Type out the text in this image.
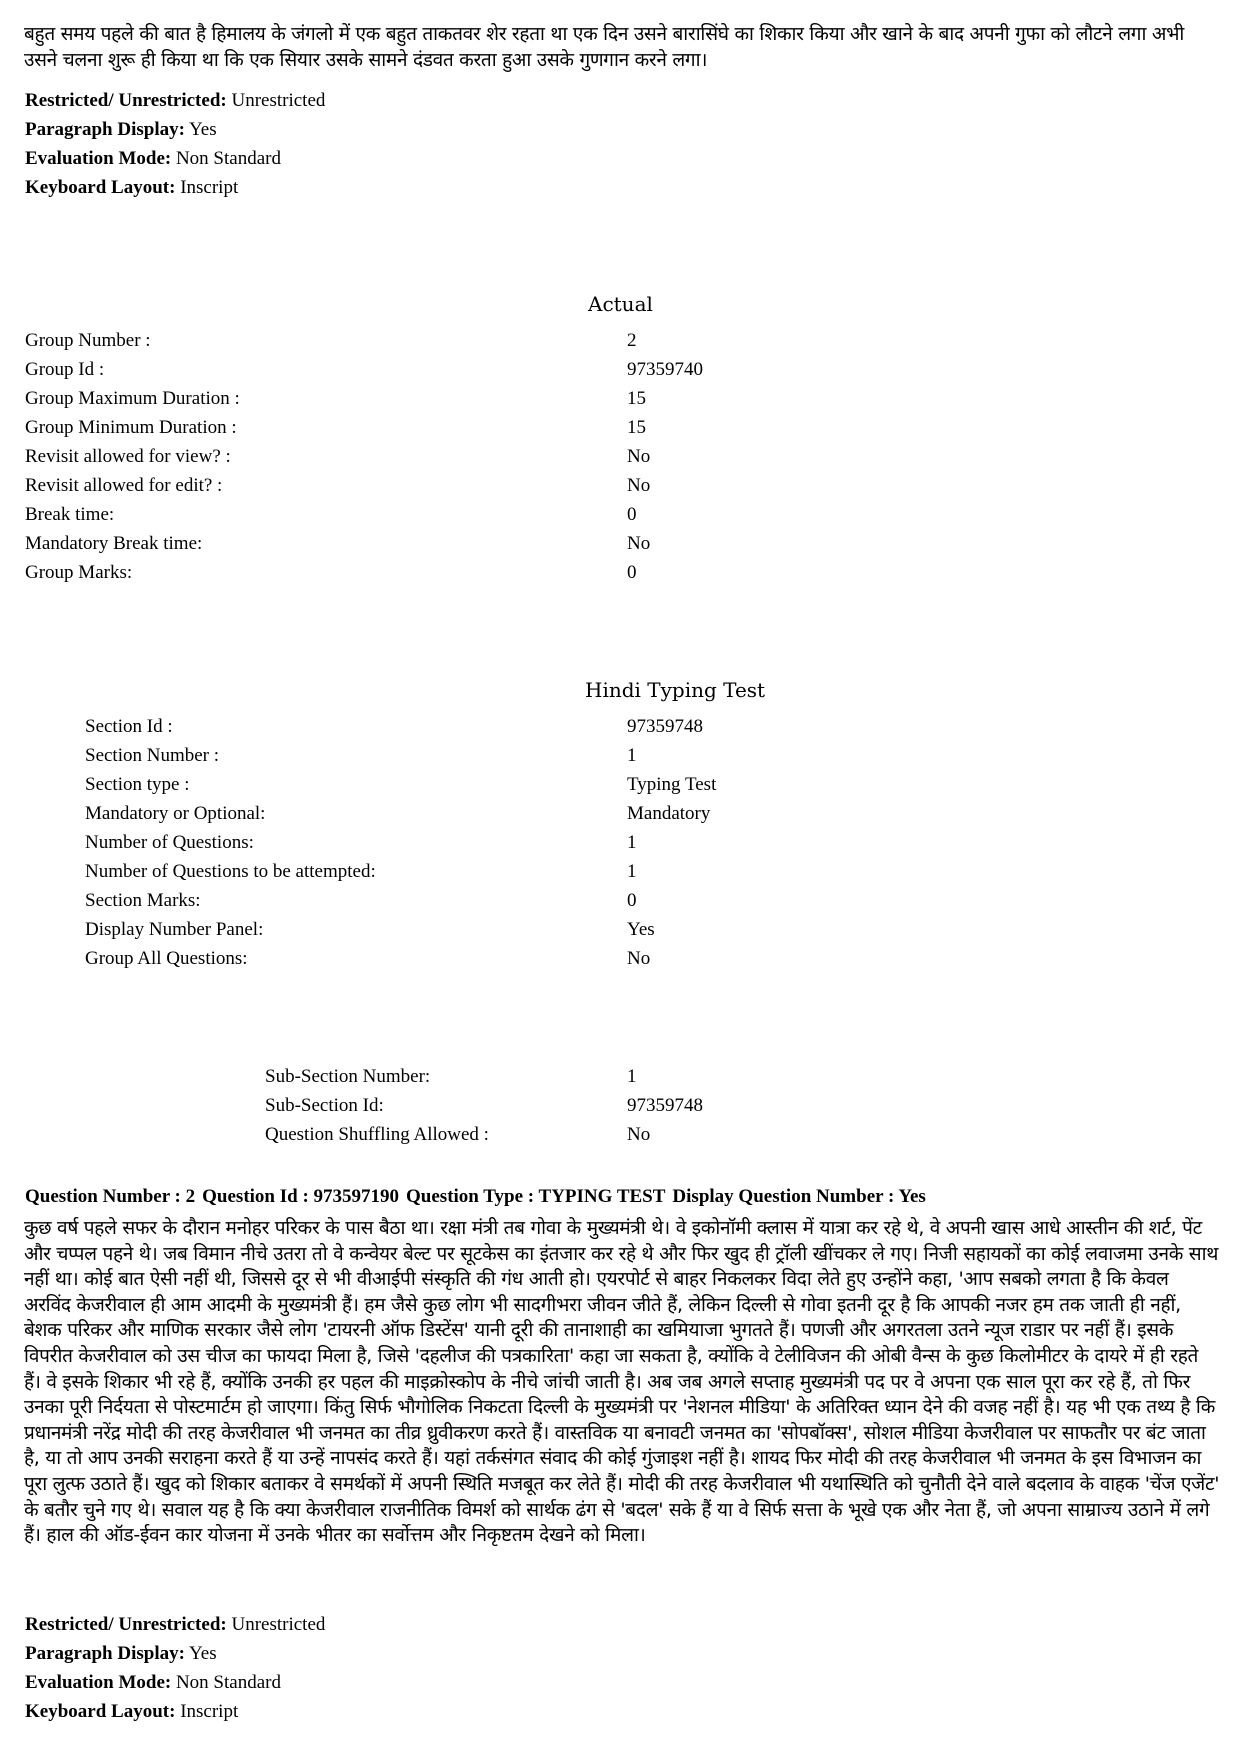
बहुत समय पहले की बात है हिमालय के जंगलो में एक बहुत ताकतवर शेर रहता था एक दिन उसने बारासिंघे का शिकार किया और खाने के बाद अपनी गुफा को लौटने लगा अभी उसने चलना शुरू ही किया था कि एक सियार उसके सामने दंडवत करता हुआ उसके गुणगान करने लगा।
Restricted/ Unrestricted: Unrestricted
Paragraph Display: Yes
Evaluation Mode: Non Standard
Keyboard Layout: Inscript
Actual
Group Number :	2
Group Id :	97359740
Group Maximum Duration :	15
Group Minimum Duration :	15
Revisit allowed for view? :	No
Revisit allowed for edit? :	No
Break time:	0
Mandatory Break time:	No
Group Marks:	0
Hindi Typing Test
Section Id :	97359748
Section Number :	1
Section type :	Typing Test
Mandatory or Optional:	Mandatory
Number of Questions:	1
Number of Questions to be attempted:	1
Section Marks:	0
Display Number Panel:	Yes
Group All Questions:	No
Sub-Section Number:	1
Sub-Section Id:	97359748
Question Shuffling Allowed :	No
Question Number : 2 Question Id : 973597190 Question Type : TYPING TEST Display Question Number : Yes
कुछ वर्ष पहले सफर के दौरान मनोहर परिकर के पास बैठा था। रक्षा मंत्री तब गोवा के मुख्यमंत्री थे। वे इकोनॉमी क्लास में यात्रा कर रहे थे, वे अपनी खास आधे आस्तीन की शर्ट, पेंट और चप्पल पहने थे। जब विमान नीचे उतरा तो वे कन्वेयर बेल्ट पर सूटकेस का इंतजार कर रहे थे और फिर खुद ही ट्रॉली खींचकर ले गए। निजी सहायकों का कोई लवाजमा उनके साथ नहीं था। कोई बात ऐसी नहीं थी, जिससे दूर से भी वीआईपी संस्कृति की गंध आती हो। एयरपोर्ट से बाहर निकलकर विदा लेते हुए उन्होंने कहा, 'आप सबको लगता है कि केवल अरविंद केजरीवाल ही आम आदमी के मुख्यमंत्री हैं। हम जैसे कुछ लोग भी सादगीभरा जीवन जीते हैं, लेकिन दिल्ली से गोवा इतनी दूर है कि आपकी नजर हम तक जाती ही नहीं, बेशक परिकर और माणिक सरकार जैसे लोग 'टायरनी ऑफ डिस्टेंस' यानी दूरी की तानाशाही का खमियाजा भुगतते हैं। पणजी और अगरतला उतने न्यूज राडार पर नहीं हैं। इसके विपरीत केजरीवाल को उस चीज का फायदा मिला है, जिसे 'दहलीज की पत्रकारिता' कहा जा सकता है, क्योंकि वे टेलीविजन की ओबी वैन्स के कुछ किलोमीटर के दायरे में ही रहते हैं। वे इसके शिकार भी रहे हैं, क्योंकि उनकी हर पहल की माइक्रोस्कोप के नीचे जांची जाती है। अब जब अगले सप्ताह मुख्यमंत्री पद पर वे अपना एक साल पूरा कर रहे हैं, तो फिर उनका पूरी निर्दयता से पोस्टमार्टम हो जाएगा। किंतु सिर्फ भौगोलिक निकटता दिल्ली के मुख्यमंत्री पर 'नेशनल मीडिया' के अतिरिक्त ध्यान देने की वजह नहीं है। यह भी एक तथ्य है कि प्रधानमंत्री नरेंद्र मोदी की तरह केजरीवाल भी जनमत का तीव्र ध्रुवीकरण करते हैं। वास्तविक या बनावटी जनमत का 'सोपबॉक्स', सोशल मीडिया केजरीवाल पर साफतौर पर बंट जाता है, या तो आप उनकी सराहना करते हैं या उन्हें नापसंद करते हैं। यहां तर्कसंगत संवाद की कोई गुंजाइश नहीं है। शायद फिर मोदी की तरह केजरीवाल भी जनमत के इस विभाजन का पूरा लुत्फ उठाते हैं। खुद को शिकार बताकर वे समर्थकों में अपनी स्थिति मजबूत कर लेते हैं। मोदी की तरह केजरीवाल भी यथास्थिति को चुनौती देने वाले बदलाव के वाहक 'चेंज एजेंट' के बतौर चुने गए थे। सवाल यह है कि क्या केजरीवाल राजनीतिक विमर्श को सार्थक ढंग से 'बदल' सके हैं या वे सिर्फ सत्ता के भूखे एक और नेता हैं, जो अपना साम्राज्य उठाने में लगे हैं। हाल की ऑड-ईवन कार योजना में उनके भीतर का सर्वोत्तम और निकृष्टतम देखने को मिला।
Restricted/ Unrestricted: Unrestricted
Paragraph Display: Yes
Evaluation Mode: Non Standard
Keyboard Layout: Inscript
